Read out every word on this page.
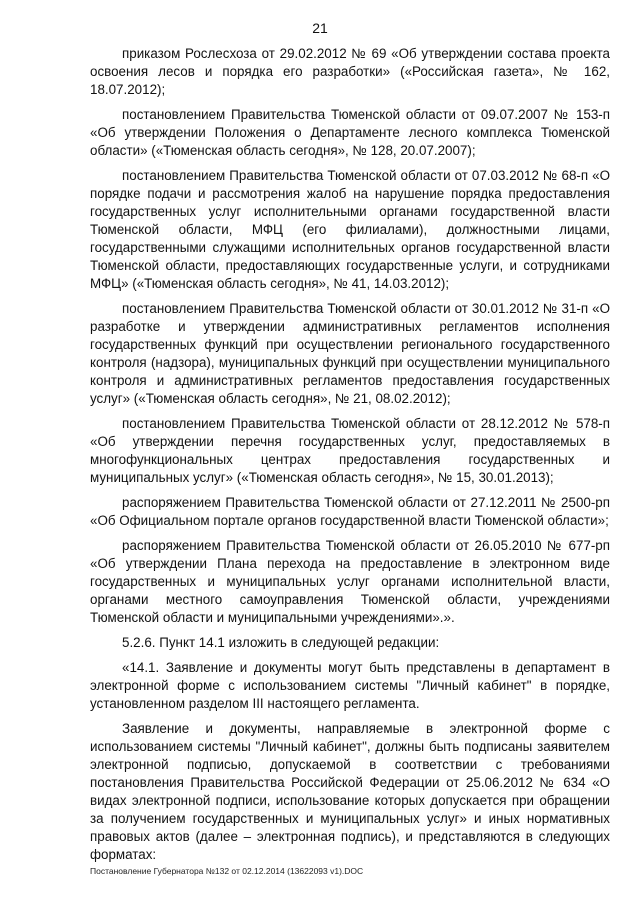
21

приказом Рослесхоза от 29.02.2012 № 69 «Об утверждении состава проекта освоения лесов и порядка его разработки» («Российская газета», № 162, 18.07.2012);

постановлением Правительства Тюменской области от 09.07.2007 № 153-п «Об утверждении Положения о Департаменте лесного комплекса Тюменской области» («Тюменская область сегодня», № 128, 20.07.2007);

постановлением Правительства Тюменской области от 07.03.2012 № 68-п «О порядке подачи и рассмотрения жалоб на нарушение порядка предоставления государственных услуг исполнительными органами государственной власти Тюменской области, МФЦ (его филиалами), должностными лицами, государственными служащими исполнительных органов государственной власти Тюменской области, предоставляющих государственные услуги, и сотрудниками МФЦ» («Тюменская область сегодня», № 41, 14.03.2012);

постановлением Правительства Тюменской области от 30.01.2012 № 31-п «О разработке и утверждении административных регламентов исполнения государственных функций при осуществлении регионального государственного контроля (надзора), муниципальных функций при осуществлении муниципального контроля и административных регламентов предоставления государственных услуг» («Тюменская область сегодня», № 21, 08.02.2012);

постановлением Правительства Тюменской области от 28.12.2012 № 578-п «Об утверждении перечня государственных услуг, предоставляемых в многофункциональных центрах предоставления государственных и муниципальных услуг» («Тюменская область сегодня», № 15, 30.01.2013);

распоряжением Правительства Тюменской области от 27.12.2011 № 2500-рп «Об Официальном портале органов государственной власти Тюменской области»;

распоряжением Правительства Тюменской области от 26.05.2010 № 677-рп «Об утверждении Плана перехода на предоставление в электронном виде государственных и муниципальных услуг органами исполнительной власти, органами местного самоуправления Тюменской области, учреждениями Тюменской области и муниципальными учреждениями».».

5.2.6. Пункт 14.1 изложить в следующей редакции:

«14.1. Заявление и документы могут быть представлены в департамент в электронной форме с использованием системы "Личный кабинет" в порядке, установленном разделом III настоящего регламента.

Заявление и документы, направляемые в электронной форме с использованием системы "Личный кабинет", должны быть подписаны заявителем электронной подписью, допускаемой в соответствии с требованиями постановления Правительства Российской Федерации от 25.06.2012 № 634 «О видах электронной подписи, использование которых допускается при обращении за получением государственных и муниципальных услуг» и иных нормативных правовых актов (далее – электронная подпись), и представляются в следующих форматах:

Постановление Губернатора №132 от 02.12.2014 (13622093 v1).DOC
